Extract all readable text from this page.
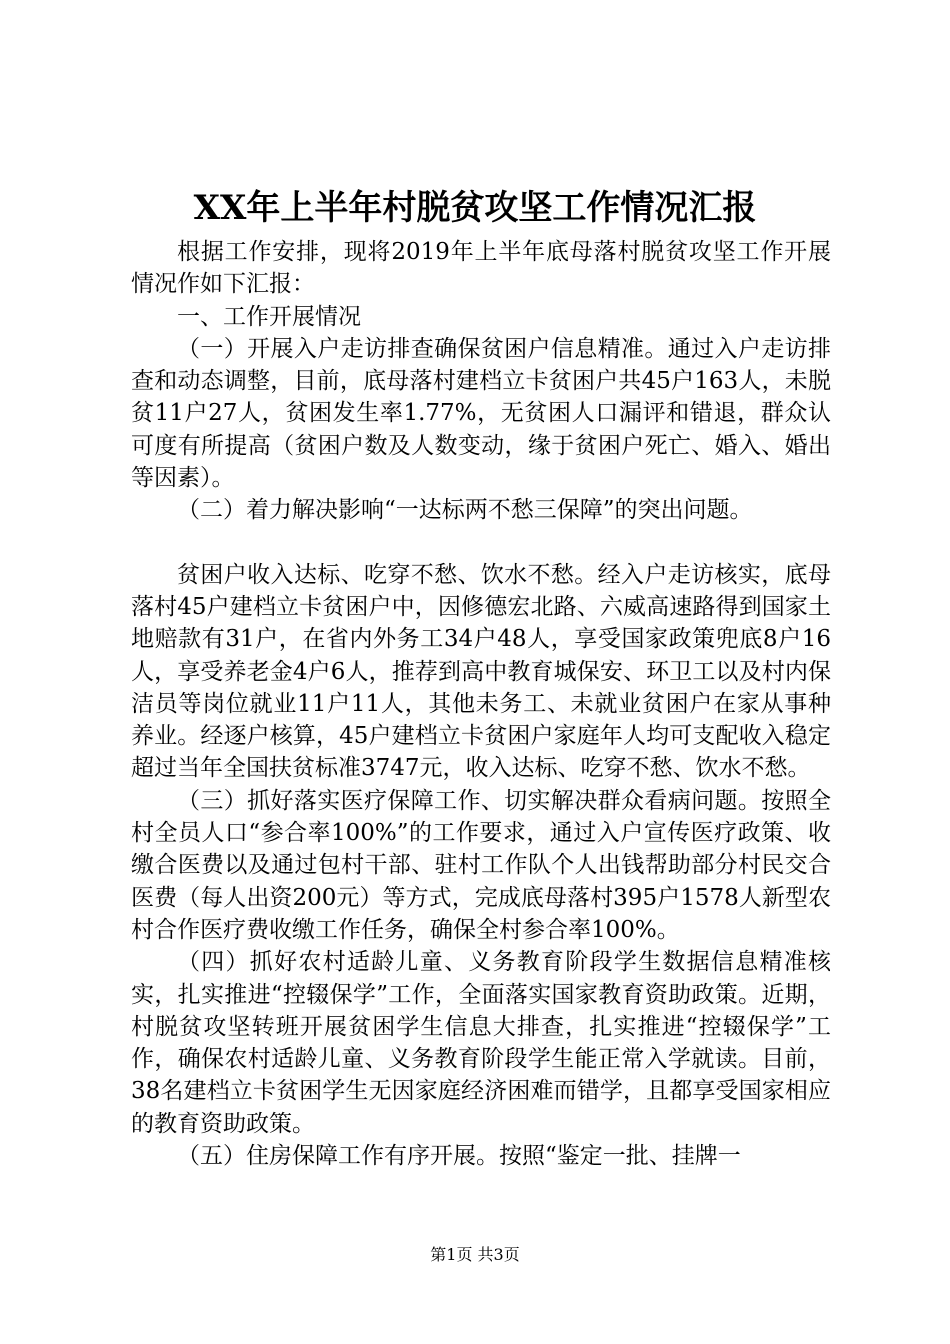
XX年上半年村脱贫攻坚工作情况汇报

根据工作安排，现将2019年上半年底母落村脱贫攻坚工作开展情况作如下汇报：

一、工作开展情况

（一）开展入户走访排查确保贫困户信息精准。通过入户走访排查和动态调整，目前，底母落村建档立卡贫困户共45户163人，未脱贫11户27人，贫困发生率1.77%，无贫困人口漏评和错退，群众认可度有所提高（贫困户数及人数变动，缘于贫困户死亡、婚入、婚出等因素）。

（二）着力解决影响“一达标两不愁三保障”的突出问题。

贫困户收入达标、吃穿不愁、饮水不愁。经入户走访核实，底母落村45户建档立卡贫困户中，因修德宏北路、六威高速路得到国家土地赔款有31户，在省内外务工34户48人，享受国家政策兜底8户16人，享受养老金4户6人，推荐到高中教育城保安、环卫工以及村内保洁员等岗位就业11户11人，其他未务工、未就业贫困户在家从事种养业。经逐户核算，45户建档立卡贫困户家庭年人均可支配收入稳定超过当年全国扶贫标准3747元，收入达标、吃穿不愁、饮水不愁。

（三）抓好落实医疗保障工作、切实解决群众看病问题。按照全村全员人口“参合率100%”的工作要求，通过入户宣传医疗政策、收缴合医费以及通过包村干部、驻村工作队个人出钱帮助部分村民交合医费（每人出资200元）等方式，完成底母落村395户1578人新型农村合作医疗费收缴工作任务，确保全村参合率100%。

（四）抓好农村适龄儿童、义务教育阶段学生数据信息精准核实，扎实推进“控辍保学”工作，全面落实国家教育资助政策。近期，村脱贫攻坚转班开展贫困学生信息大排查，扎实推进“控辍保学”工作，确保农村适龄儿童、义务教育阶段学生能正常入学就读。目前，38名建档立卡贫困学生无因家庭经济困难而错学，且都享受国家相应的教育资助政策。

（五）住房保障工作有序开展。按照“鉴定一批、挂牌一

第1页 共3页
